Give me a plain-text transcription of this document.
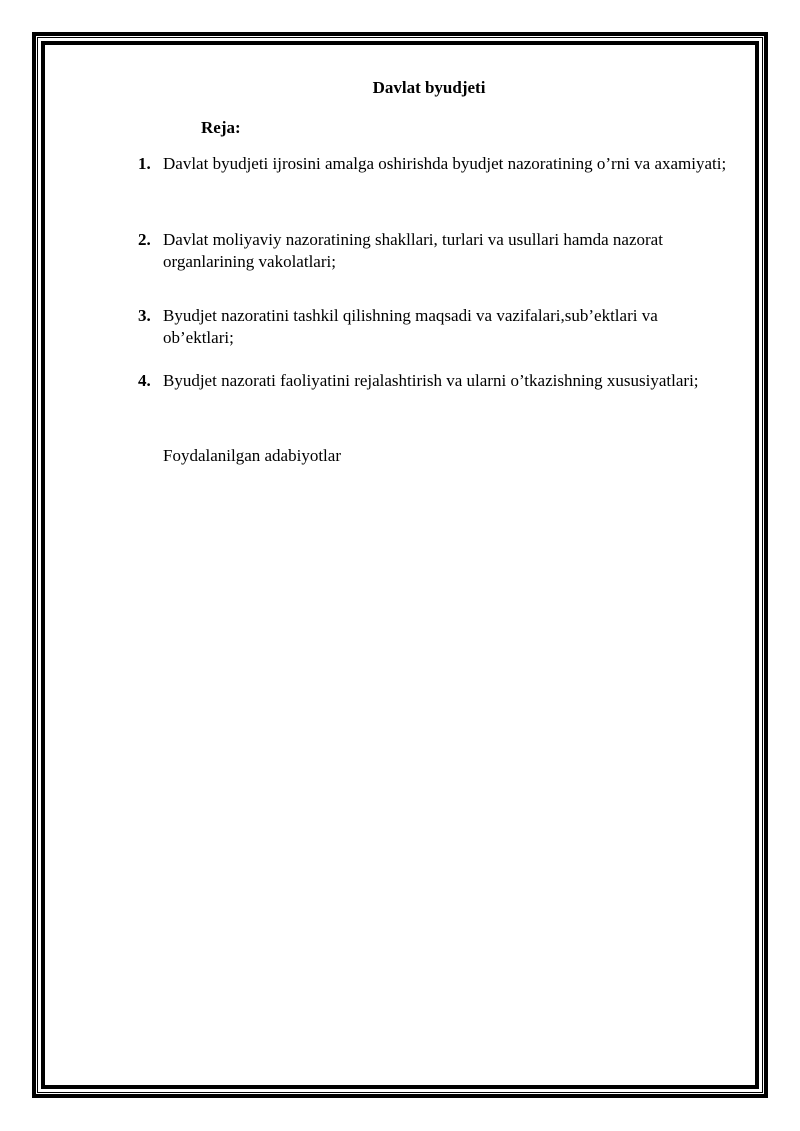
Davlat byudjeti
Reja:
1. Davlat byudjeti ijrosini amalga oshirishda byudjet nazoratining o’rni va axamiyati;
2. Davlat moliyaviy nazoratining shakllari, turlari va usullari hamda nazorat organlarining vakolatlari;
3. Byudjet nazoratini tashkil qilishning maqsadi va vazifalari,sub’ektlari va ob’ektlari;
4. Byudjet nazorati faoliyatini rejalashtirish va ularni o’tkazishning xususiyatlari;
Foydalanilgan adabiyotlar
